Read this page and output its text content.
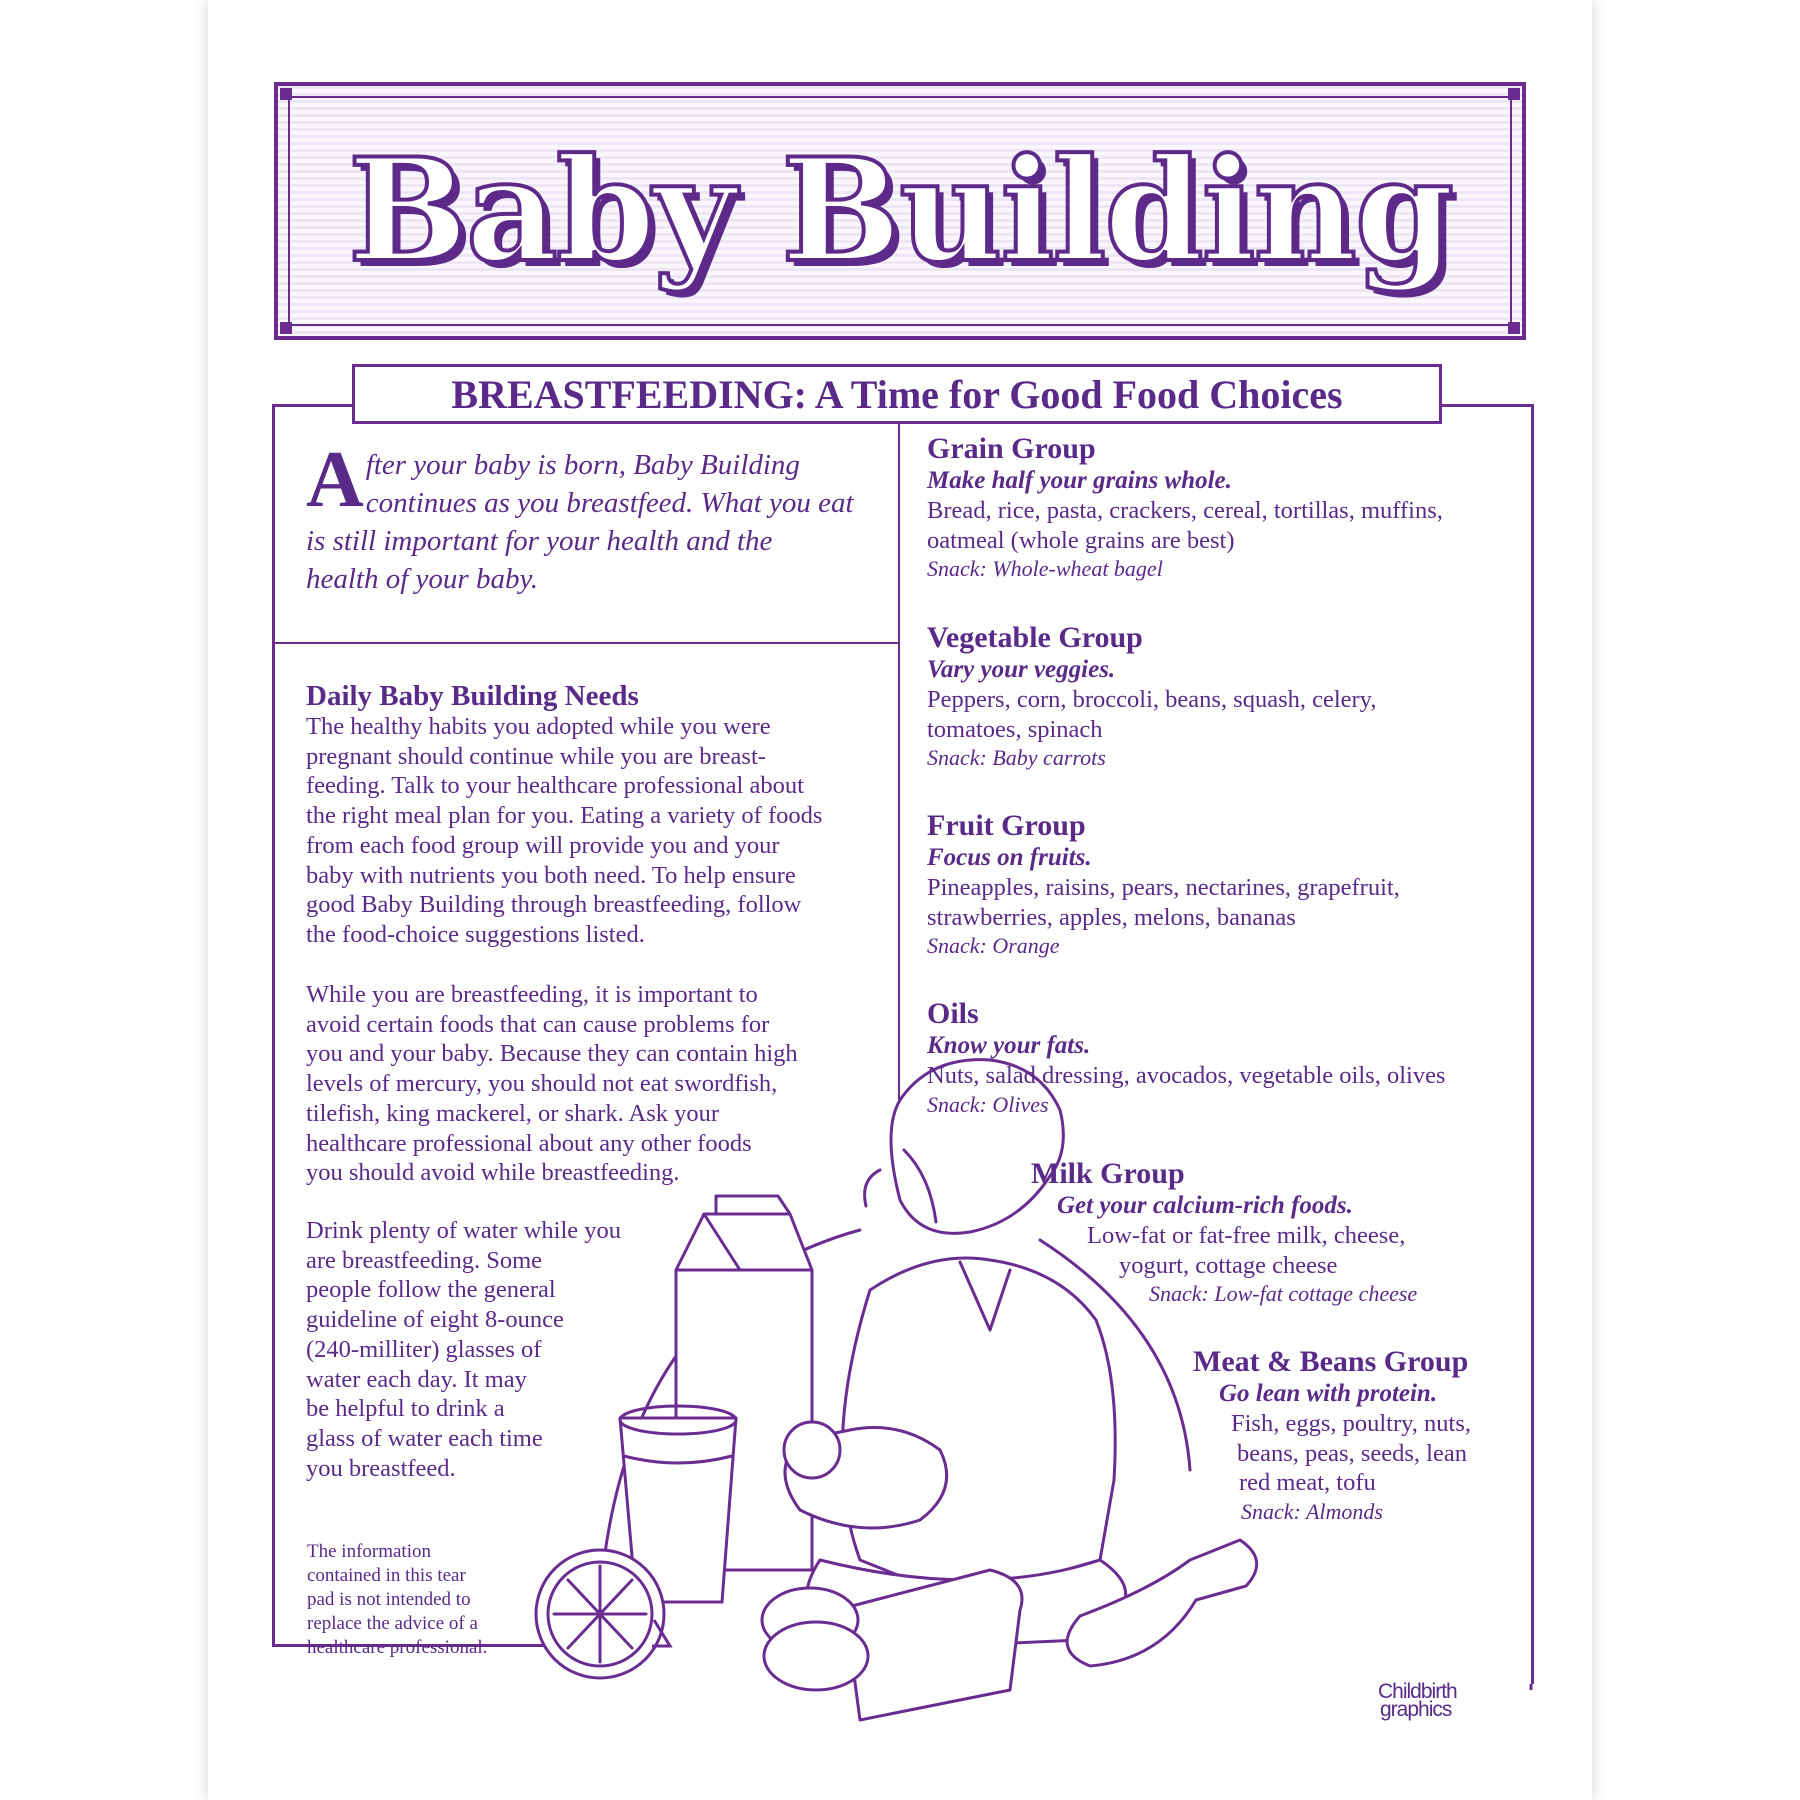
Baby Building
BREASTFEEDING: A Time for Good Food Choices
A fter your baby is born, Baby Building
continues as you breastfeed. What you eat
is still important for your health and the
health of your baby.
Daily Baby Building Needs
The healthy habits you adopted while you were
pregnant should continue while you are breast-
feeding. Talk to your healthcare professional about
the right meal plan for you. Eating a variety of foods
from each food group will provide you and your
baby with nutrients you both need. To help ensure
good Baby Building through breastfeeding, follow
the food-choice suggestions listed.
While you are breastfeeding, it is important to
avoid certain foods that can cause problems for
you and your baby. Because they can contain high
levels of mercury, you should not eat swordfish,
tilefish, king mackerel, or shark. Ask your
healthcare professional about any other foods
you should avoid while breastfeeding.
Drink plenty of water while you
are breastfeeding. Some
people follow the general
guideline of eight 8-ounce
(240-milliter) glasses of
water each day. It may
be helpful to drink a
glass of water each time
you breastfeed.
The information
contained in this tear
pad is not intended to
replace the advice of a
healthcare professional.
Grain Group
Make half your grains whole.
Bread, rice, pasta, crackers, cereal, tortillas, muffins,
oatmeal (whole grains are best)
Snack: Whole-wheat bagel
Vegetable Group
Vary your veggies.
Peppers, corn, broccoli, beans, squash, celery,
tomatoes, spinach
Snack: Baby carrots
Fruit Group
Focus on fruits.
Pineapples, raisins, pears, nectarines, grapefruit,
strawberries, apples, melons, bananas
Snack: Orange
Oils
Know your fats.
Nuts, salad dressing, avocados, vegetable oils, olives
Snack: Olives
Milk Group
Get your calcium-rich foods.
Low-fat or fat-free milk, cheese,
yogurt, cottage cheese
Snack: Low-fat cottage cheese
Meat & Beans Group
Go lean with protein.
Fish, eggs, poultry, nuts,
beans, peas, seeds, lean
red meat, tofu
Snack: Almonds
Childbirth
graphics
